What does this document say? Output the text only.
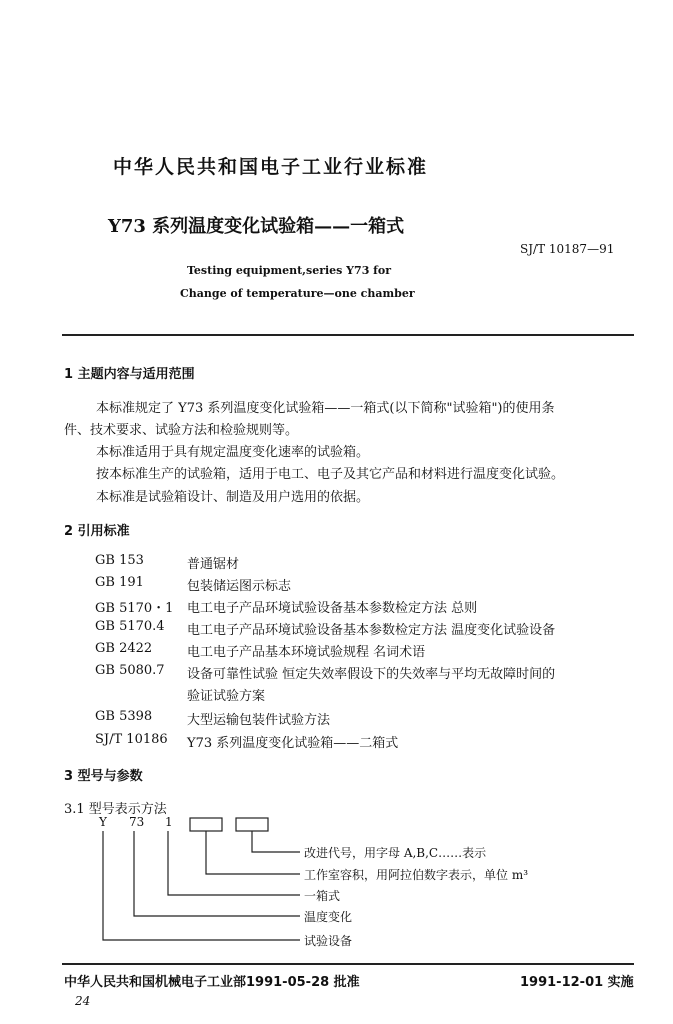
中华人民共和国电子工业行业标准
Y73 系列温度变化试验箱——一箱式
SJ/T 10187—91
Testing equipment,series Y73 for
Change of temperature—one chamber
1 主题内容与适用范围
本标准规定了 Y73 系列温度变化试验箱——一箱式(以下简称"试验箱")的使用条
件、技术要求、试验方法和检验规则等。
本标准适用于具有规定温度变化速率的试验箱。
按本标准生产的试验箱，适用于电工、电子及其它产品和材料进行温度变化试验。
本标准是试验箱设计、制造及用户选用的依据。
2 引用标准
GB 153	普通锯材
GB 191	包装储运图示标志
GB 5170・1	电工电子产品环境试验设备基本参数检定方法 总则
GB 5170.4	电工电子产品环境试验设备基本参数检定方法 温度变化试验设备
GB 2422	电工电子产品基本环境试验规程 名词术语
GB 5080.7	设备可靠性试验 恒定失效率假设下的失效率与平均无故障时间的
验证试验方案
GB 5398	大型运输包装件试验方法
SJ/T 10186	Y73 系列温度变化试验箱——二箱式
3 型号与参数
3.1 型号表示方法
Y 73 1
改进代号，用字母 A,B,C……表示
工作室容积，用阿拉伯数字表示，单位 m³
一箱式
温度变化
试验设备
中华人民共和国机械电子工业部1991-05-28 批准	1991-12-01 实施
24
